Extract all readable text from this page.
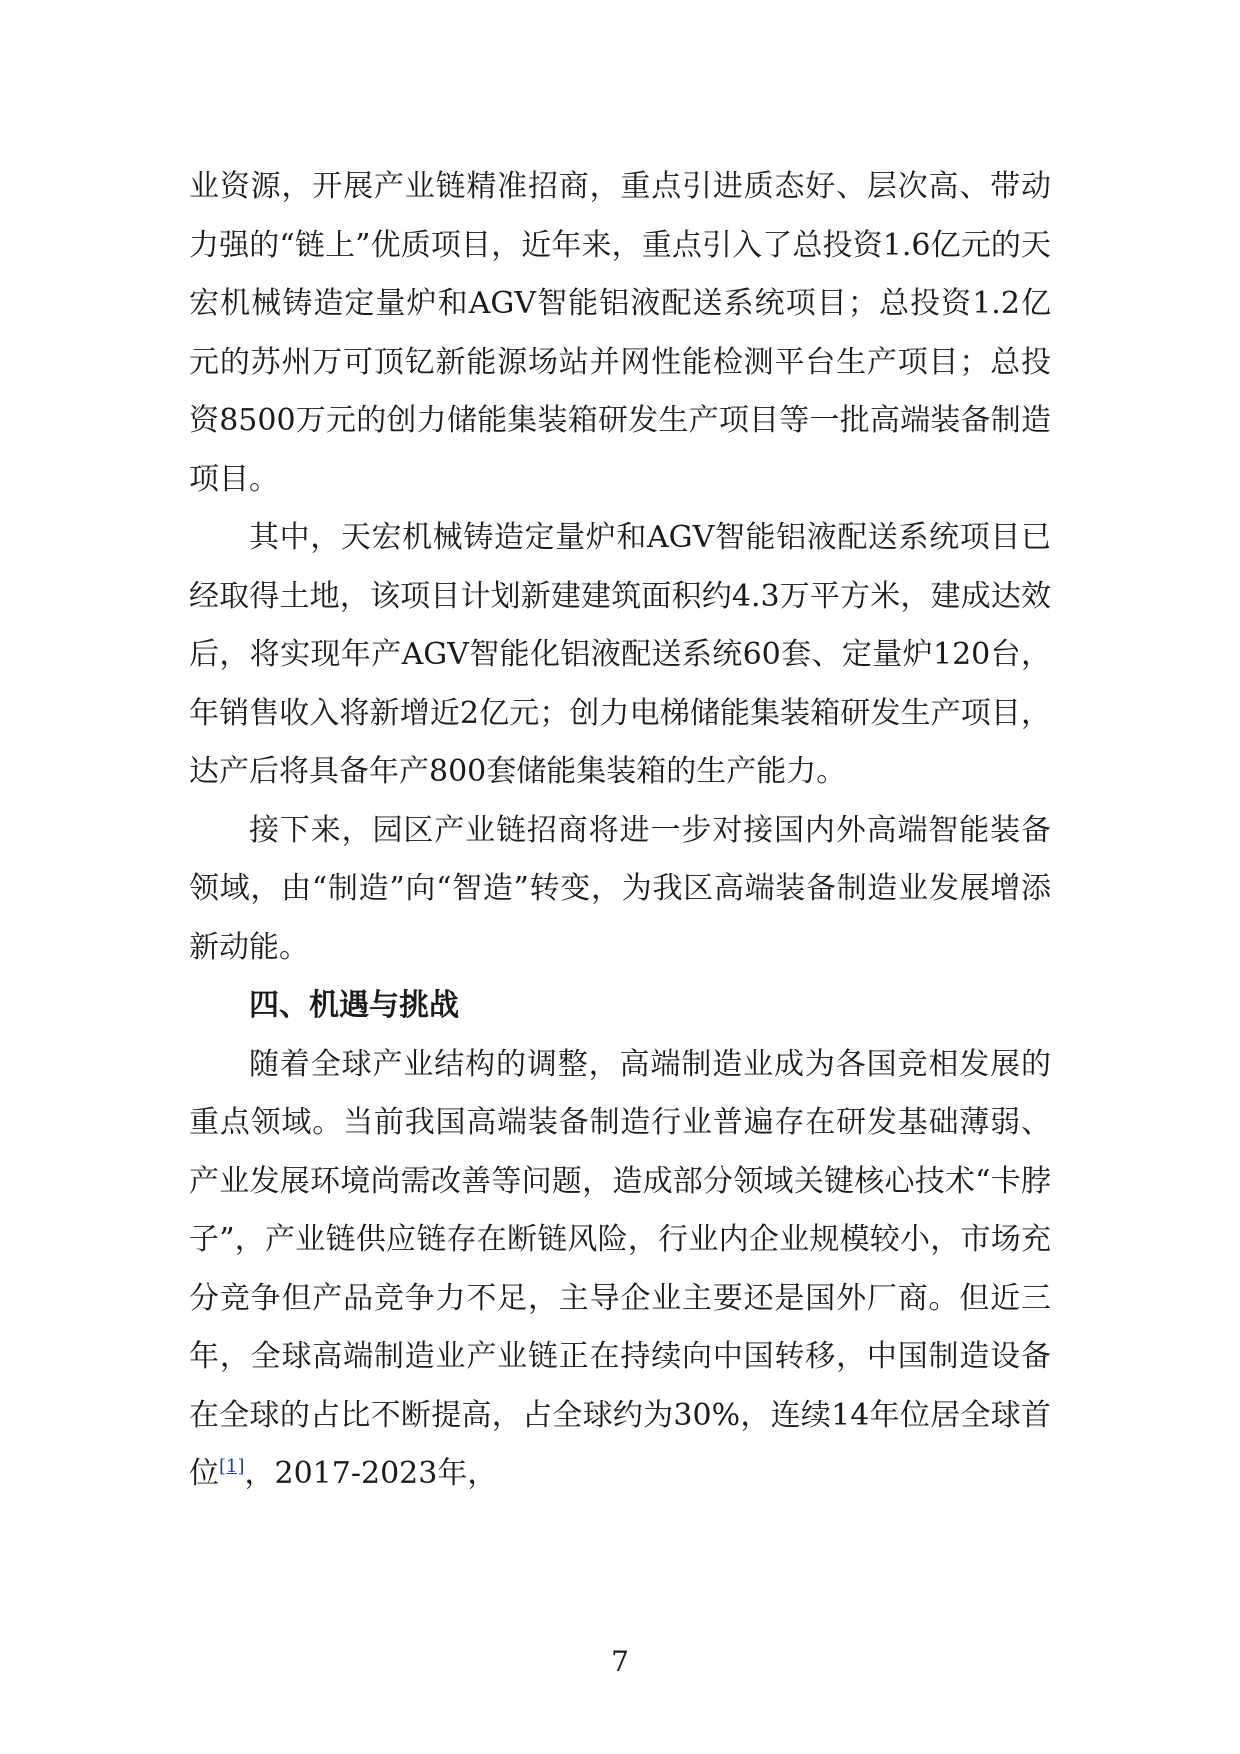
业资源，开展产业链精准招商，重点引进质态好、层次高、带动力强的“链上”优质项目，近年来，重点引入了总投资1.6亿元的天宏机械铸造定量炉和AGV智能铝液配送系统项目；总投资1.2亿元的苏州万可顶钇新能源场站并网性能检测平台生产项目；总投资8500万元的创力储能集装箱研发生产项目等一批高端装备制造项目。

其中，天宏机械铸造定量炉和AGV智能铝液配送系统项目已经取得土地，该项目计划新建建筑面积约4.3万平方米，建成达效后，将实现年产AGV智能化铝液配送系统60套、定量炉120台，年销售收入将新增近2亿元；创力电梯储能集装箱研发生产项目，达产后将具备年产800套储能集装箱的生产能力。

接下来，园区产业链招商将进一步对接国内外高端智能装备领域，由“制造”向“智造”转变，为我区高端装备制造业发展增添新动能。

四、机遇与挑战

随着全球产业结构的调整，高端制造业成为各国竞相发展的重点领域。当前我国高端装备制造行业普遍存在研发基础薄弱、产业发展环境尚需改善等问题，造成部分领域关键核心技术“卡脖子”，产业链供应链存在断链风险，行业内企业规模较小，市场充分竞争但产品竞争力不足，主导企业主要还是国外厂商。但近三年，全球高端制造业产业链正在持续向中国转移，中国制造设备在全球的占比不断提高，占全球约为30%，连续14年位居全球首位[1]，2017-2023年，

7
